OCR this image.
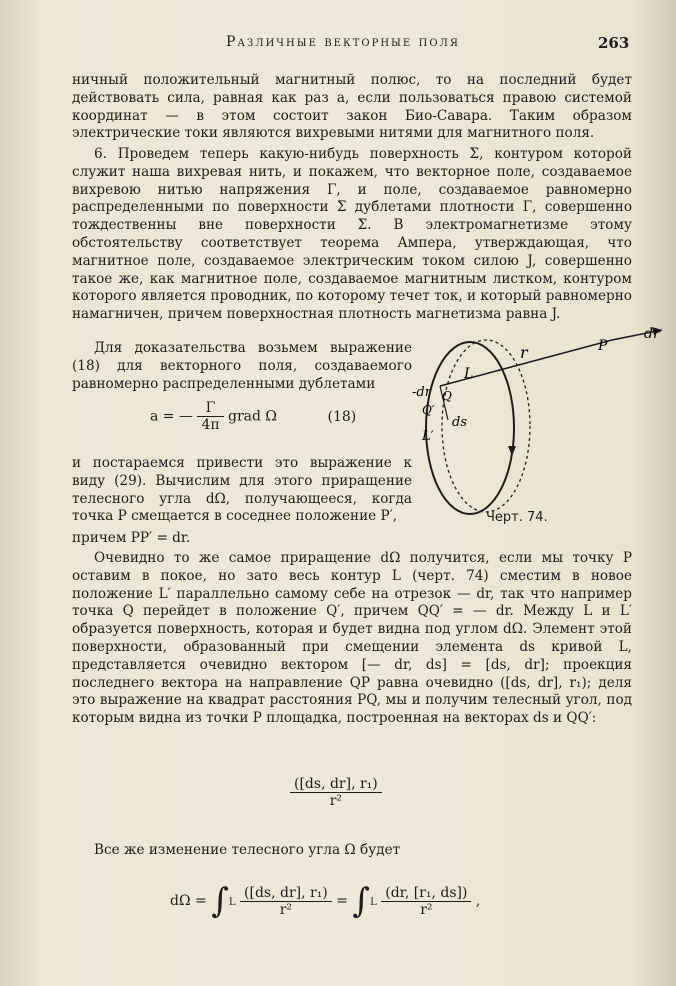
Различные векторные поля	263

ничный положительный магнитный полюс, то на последний будет действовать сила, равная как раз a, если пользоваться правою системой координат — в этом состоит закон Био-Савара. Таким образом электрические токи являются вихревыми нитями для магнитного поля.

6. Проведем теперь какую-нибудь поверхность Σ, контуром которой служит наша вихревая нить, и покажем, что векторное поле, создаваемое вихревою нитью напряжения Γ, и поле, создаваемое равномерно распределенными по поверхности Σ дублетами плотности Γ, совершенно тождественны вне поверхности Σ. В электромагнетизме этому обстоятельству соответствует теорема Ампера, утверждающая, что магнитное поле, создаваемое электрическим током силою J, совершенно такое же, как магнитное поле, создаваемое магнитным листком, контуром которого является проводник, по которому течет ток, и который равномерно намагничен, причем поверхностная плотность магнетизма равна J.

Для доказательства возьмем выражение (18) для векторного поля, создаваемого равномерно распределенными дублетами

a = — $\frac{\Gamma}{4\pi}$ grad Ω	(18)

и постараемся привести это выражение к виду (29). Вычислим для этого приращение телесного угла dΩ, получающееся, когда точка P смещается в соседнее положение P′,

причем PP′ = dr.

Очевидно то же самое приращение dΩ получится, если мы точку P оставим в покое, но зато весь контур L (черт. 74) сместим в новое положение L′ параллельно самому себе на отрезок — dr, так что например точка Q перейдет в положение Q′, причем QQ′ = — dr. Между L и L′ образуется поверхность, которая и будет видна под углом dΩ. Элемент этой поверхности, образованный при смещении элемента ds кривой L, представляется очевидно вектором [— dr, ds] = [ds, dr]; проекция последнего вектора на направление QP равна очевидно ([ds, dr], r₁); деля это выражение на квадрат расстояния PQ, мы и получим телесный угол, под которым видна из точки P площадка, построенная на векторах ds и QQ′:

$\frac{\text{([ds, dr], r₁)}}{\text{r²}}$

Все же изменение телесного угла Ω будет

$d\Omega = \int L \frac{\text{([ds, dr], r₁)}}{\text{r²}} = \int L \frac{\text{(dr, [r₁, ds])}}{\text{r²}}$ ,
r	P
dr
L
L′
Q
Q′
ds
-dr
Черт. 74.
